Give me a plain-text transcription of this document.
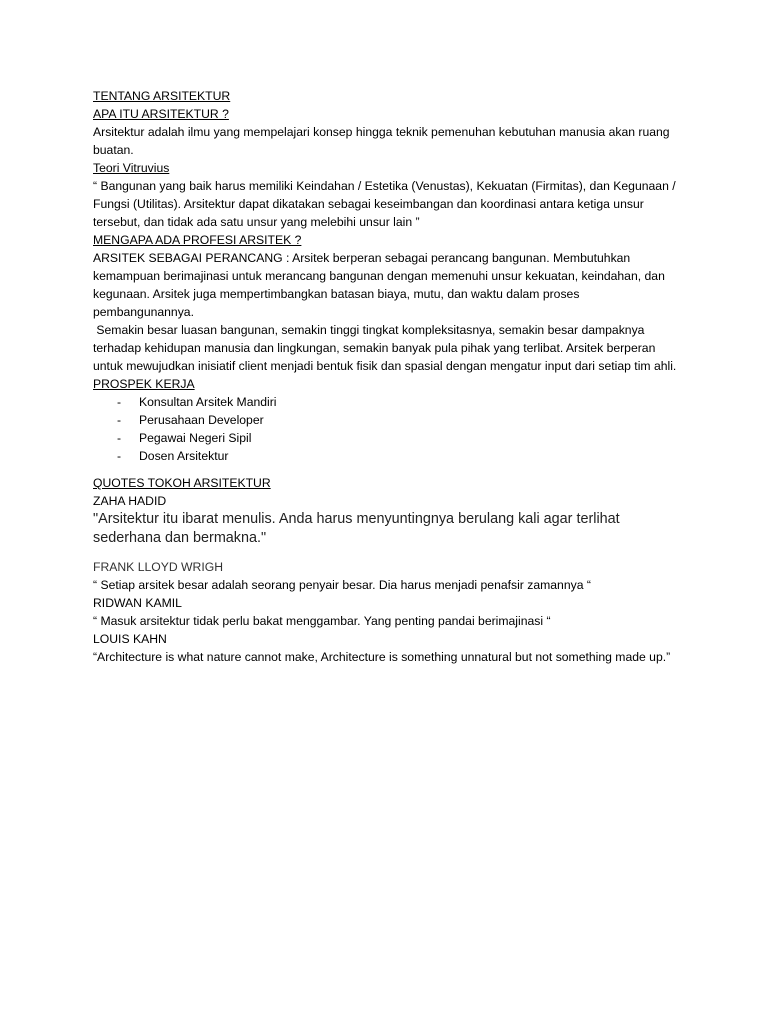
TENTANG ARSITEKTUR

APA ITU ARSITEKTUR ?

Arsitektur adalah ilmu yang mempelajari konsep hingga teknik pemenuhan kebutuhan manusia akan ruang buatan.

Teori Vitruvius

“ Bangunan yang baik harus memiliki Keindahan / Estetika (Venustas), Kekuatan (Firmitas), dan Kegunaan / Fungsi (Utilitas). Arsitektur dapat dikatakan sebagai keseimbangan dan koordinasi antara ketiga unsur tersebut, dan tidak ada satu unsur yang melebihi unsur lain ”

MENGAPA ADA PROFESI ARSITEK ?

ARSITEK SEBAGAI PERANCANG : Arsitek berperan sebagai perancang bangunan. Membutuhkan kemampuan berimajinasi untuk merancang bangunan dengan memenuhi unsur kekuatan, keindahan, dan kegunaan. Arsitek juga mempertimbangkan batasan biaya, mutu, dan waktu dalam proses pembangunannya.

Semakin besar luasan bangunan, semakin tinggi tingkat kompleksitasnya, semakin besar dampaknya terhadap kehidupan manusia dan lingkungan, semakin banyak pula pihak yang terlibat. Arsitek berperan untuk mewujudkan inisiatif client menjadi bentuk fisik dan spasial dengan mengatur input dari setiap tim ahli.

PROSPEK KERJA

- Konsultan Arsitek Mandiri
- Perusahaan Developer
- Pegawai Negeri Sipil
- Dosen Arsitektur

QUOTES TOKOH ARSITEKTUR

ZAHA HADID

"Arsitektur itu ibarat menulis. Anda harus menyuntingnya berulang kali agar terlihat sederhana dan bermakna."

FRANK LLOYD WRIGH

“ Setiap arsitek besar adalah seorang penyair besar. Dia harus menjadi penafsir zamannya “

RIDWAN KAMIL

“ Masuk arsitektur tidak perlu bakat menggambar. Yang penting pandai berimajinasi “

LOUIS KAHN

“Architecture is what nature cannot make, Architecture is something unnatural but not something made up.”
